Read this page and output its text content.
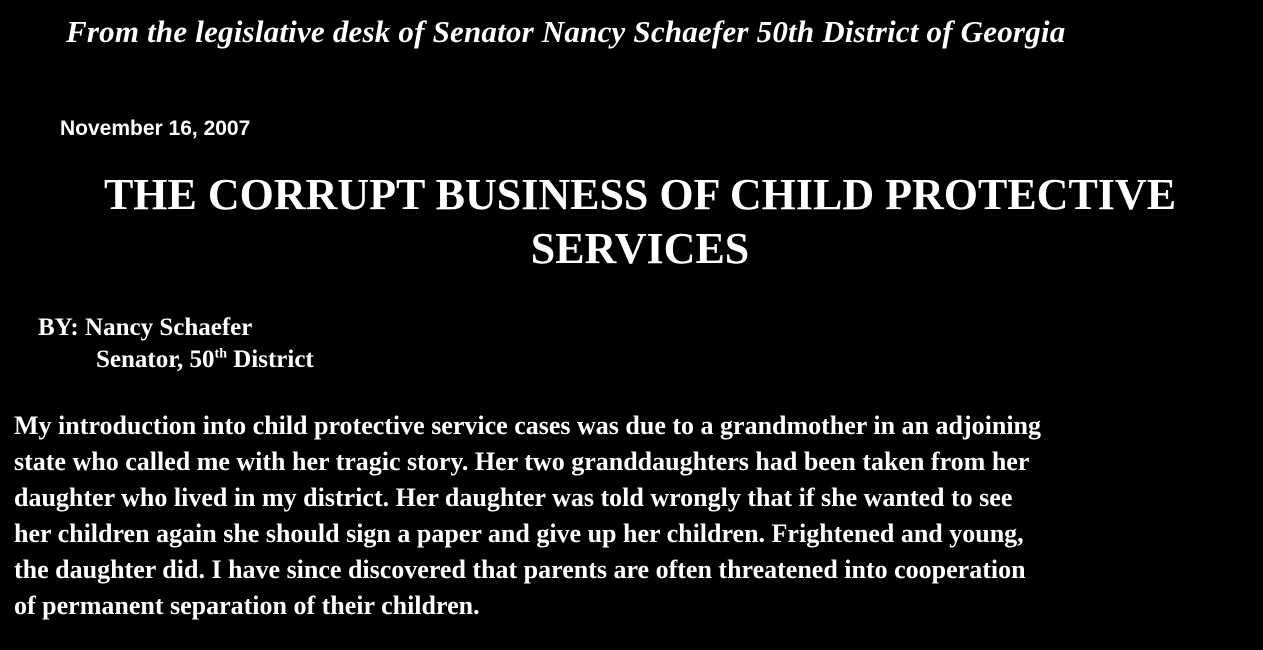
From the legislative desk of Senator Nancy Schaefer 50th District of Georgia
November 16, 2007
THE CORRUPT BUSINESS OF CHILD PROTECTIVE SERVICES
BY: Nancy Schaefer
Senator, 50th District
My introduction into child protective service cases was due to a grandmother in an adjoining
state who called me with her tragic story. Her two granddaughters had been taken from her
daughter who lived in my district. Her daughter was told wrongly that if she wanted to see
her children again she should sign a paper and give up her children. Frightened and young,
the daughter did. I have since discovered that parents are often threatened into cooperation
of permanent separation of their children.
